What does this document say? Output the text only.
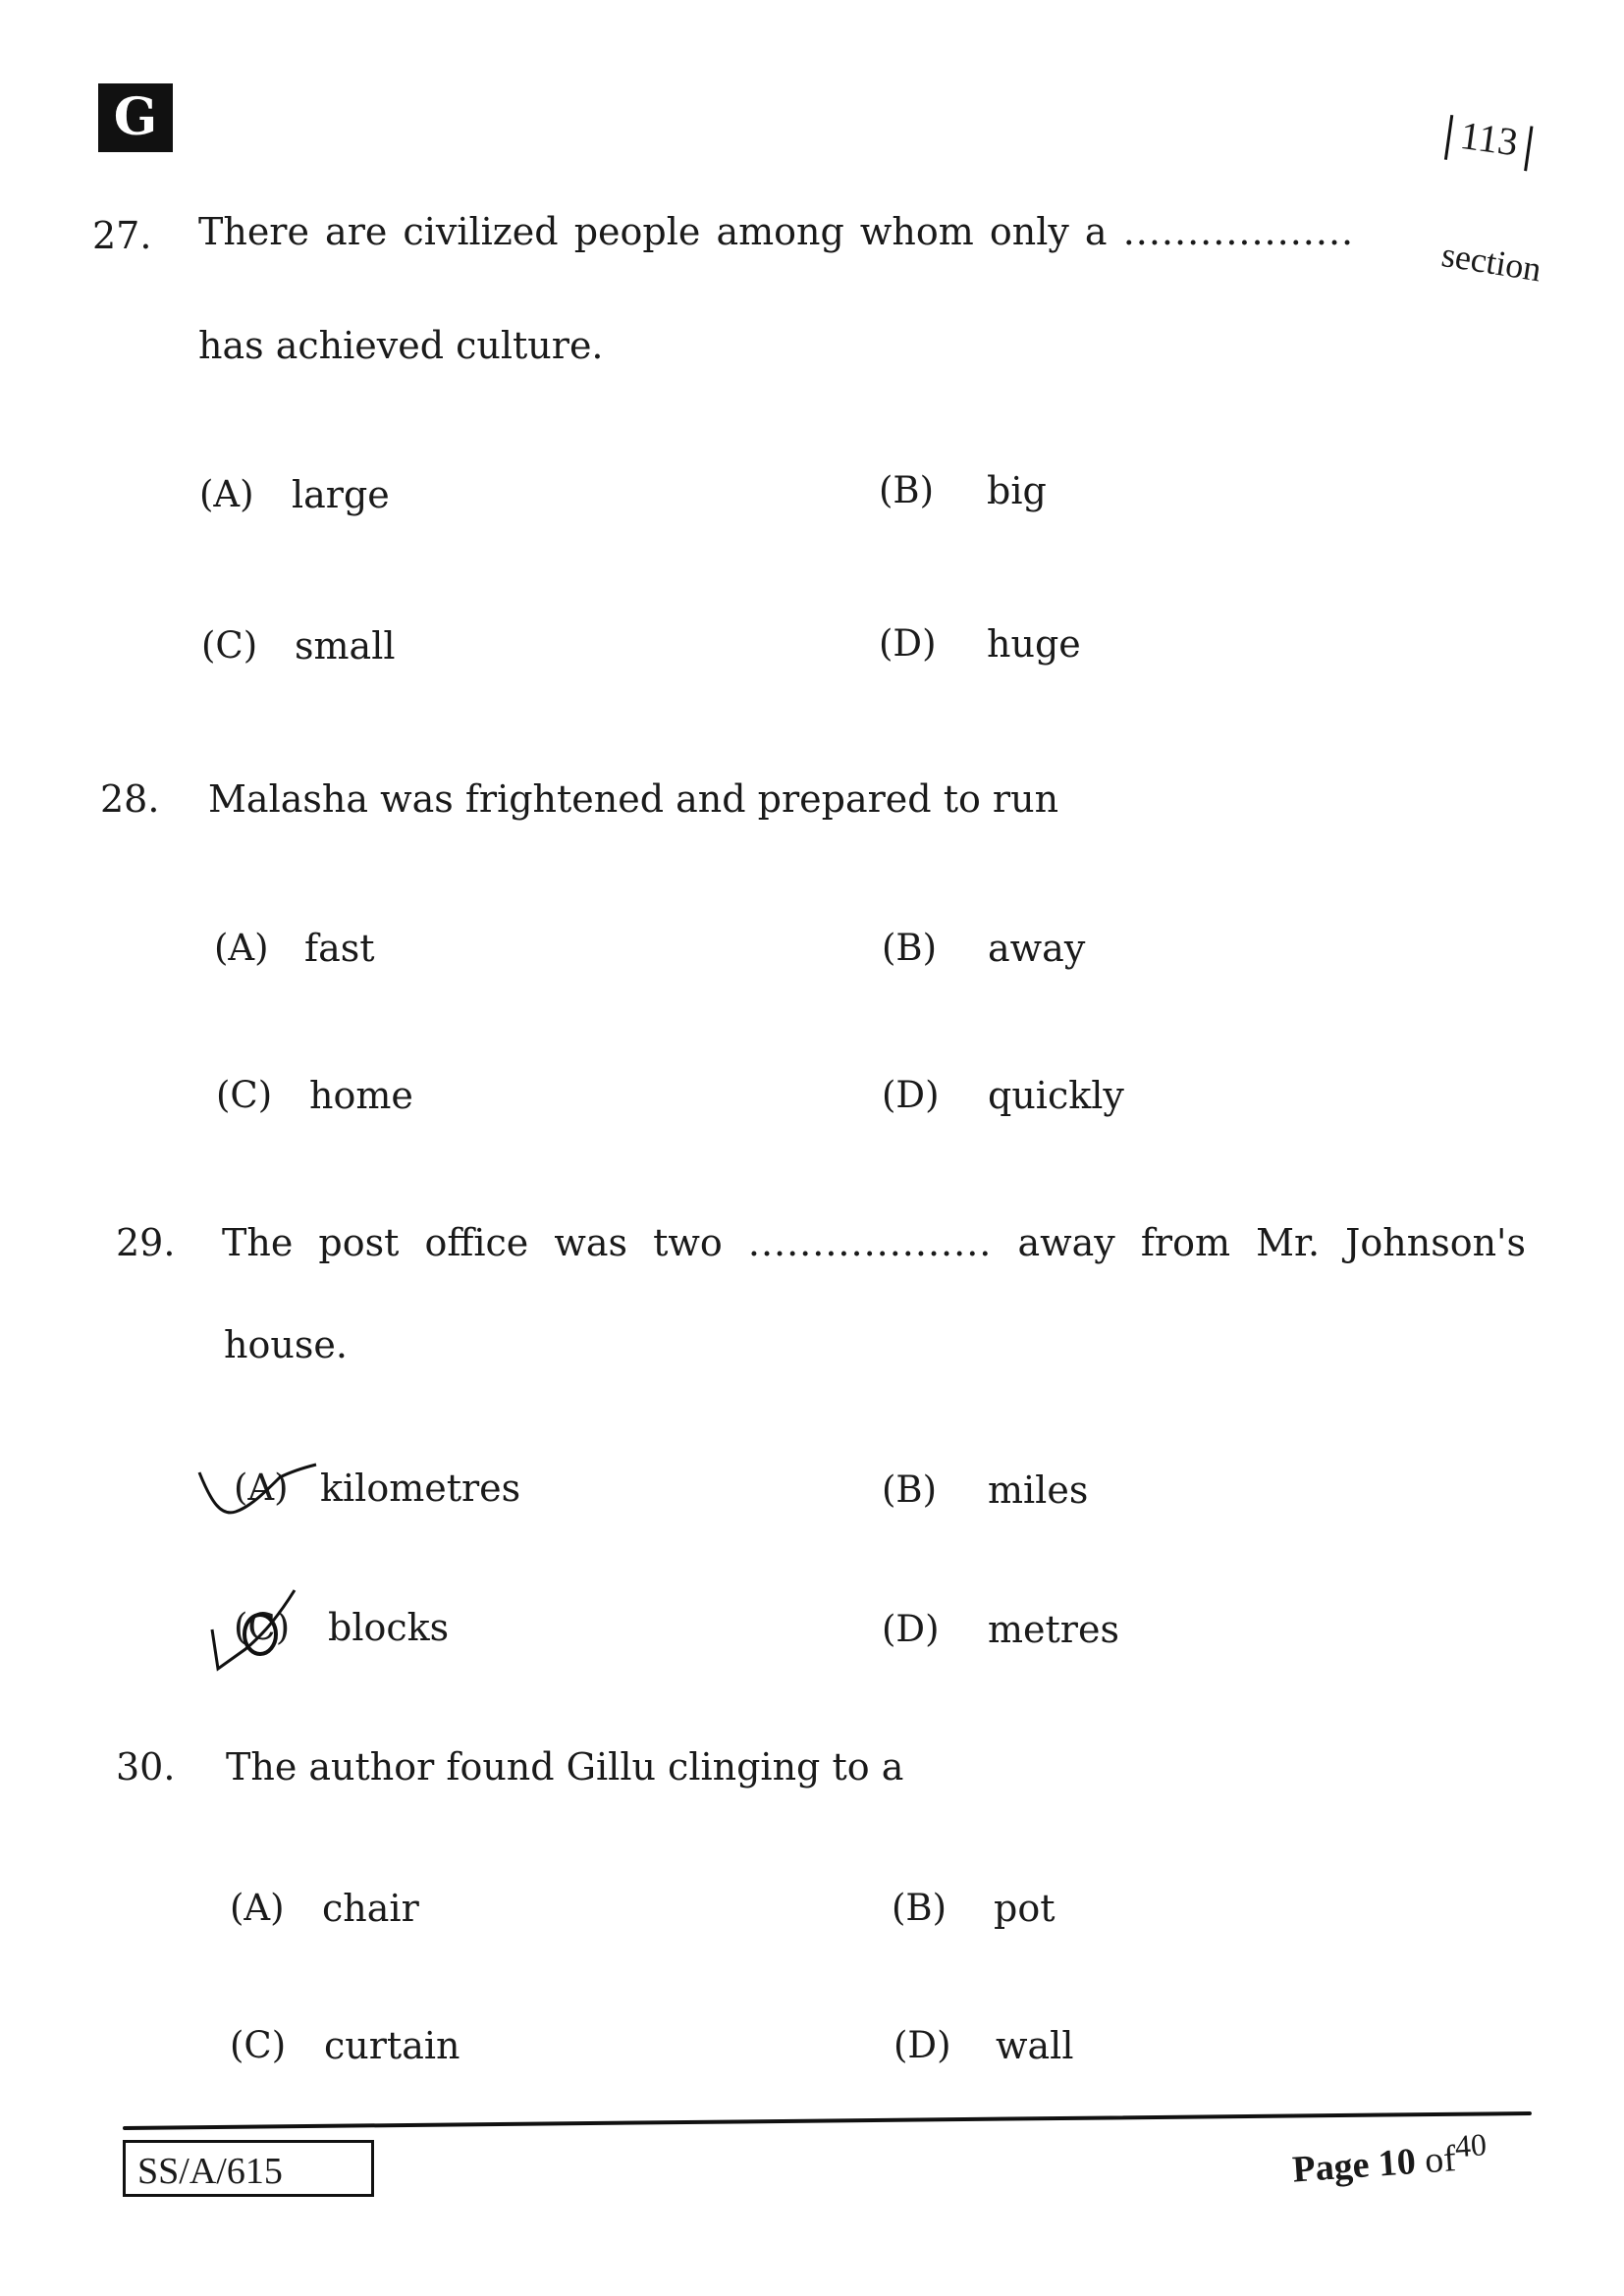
G	113
27. There are civilized people among whom only a ..................
section
has achieved culture.
(A) large	(B) big
(C) small	(D) huge
28. Malasha was frightened and prepared to run
(A) fast	(B) away
(C) home	(D) quickly
29. The post office was two ................... away from Mr. Johnson's
house.
(A) kilometres	(B) miles
(C) blocks	(D) metres
30. The author found Gillu clinging to a
(A) chair	(B) pot
(C) curtain	(D) wall
SS/A/615	Page 10 $of^{40}$
